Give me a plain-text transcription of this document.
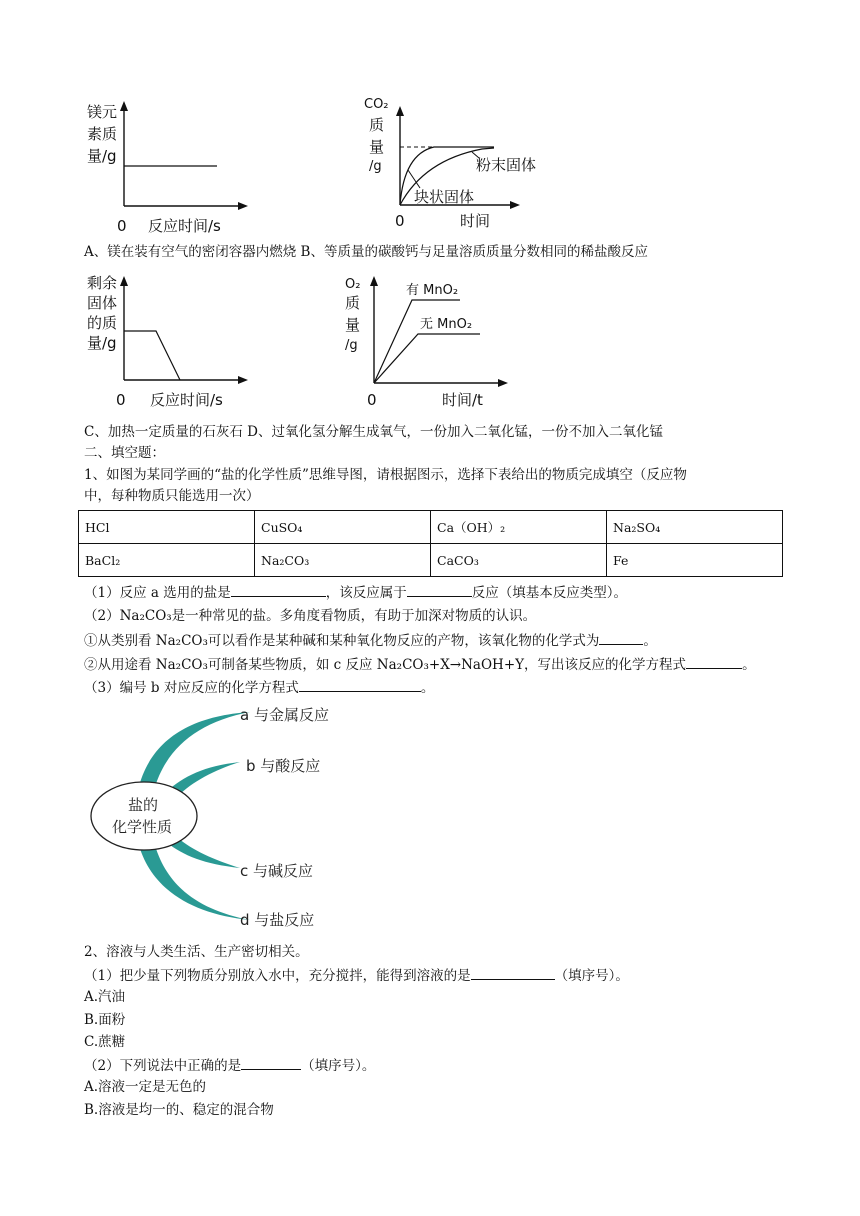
镁元
素质
量/g
0 反应时间/s
CO₂
质
量
/g	粉末固体
块状固体
0	时间
A、镁在装有空气的密闭容器内燃烧 B、等质量的碳酸钙与足量溶质质量分数相同的稀盐酸反应
剩余
固体
的质
量/g
0 反应时间/s
O₂
质
量
/g
有 MnO₂
无 MnO₂
0	时间/t
C、加热一定质量的石灰石 D、过氧化氢分解生成氧气，一份加入二氧化锰，一份不加入二氧化锰
二、填空题：
1、如图为某同学画的“盐的化学性质”思维导图，请根据图示，选择下表给出的物质完成填空（反应物
中，每种物质只能选用一次）
HCl	CuSO₄	Ca（OH）₂	Na₂SO₄
BaCl₂	Na₂CO₃	CaCO₃	Fe
（1）反应 a 选用的盐是	，该反应属于	反应（填基本反应类型）。
（2）Na₂CO₃是一种常见的盐。多角度看物质，有助于加深对物质的认识。
①从类别看 Na₂CO₃可以看作是某种碱和某种氧化物反应的产物，该氧化物的化学式为	。
②从用途看 Na₂CO₃可制备某些物质，如 c 反应 Na₂CO₃+X→NaOH+Y，写出该反应的化学方程式	。
（3）编号 b 对应反应的化学方程式	。
盐的
化学性质
a 与金属反应
b 与酸反应
c 与碱反应
d 与盐反应
2、溶液与人类生活、生产密切相关。
（1）把少量下列物质分别放入水中，充分搅拌，能得到溶液的是	（填序号）。
A.汽油
B.面粉
C.蔗糖
（2）下列说法中正确的是	（填序号）。
A.溶液一定是无色的
B.溶液是均一的、稳定的混合物
